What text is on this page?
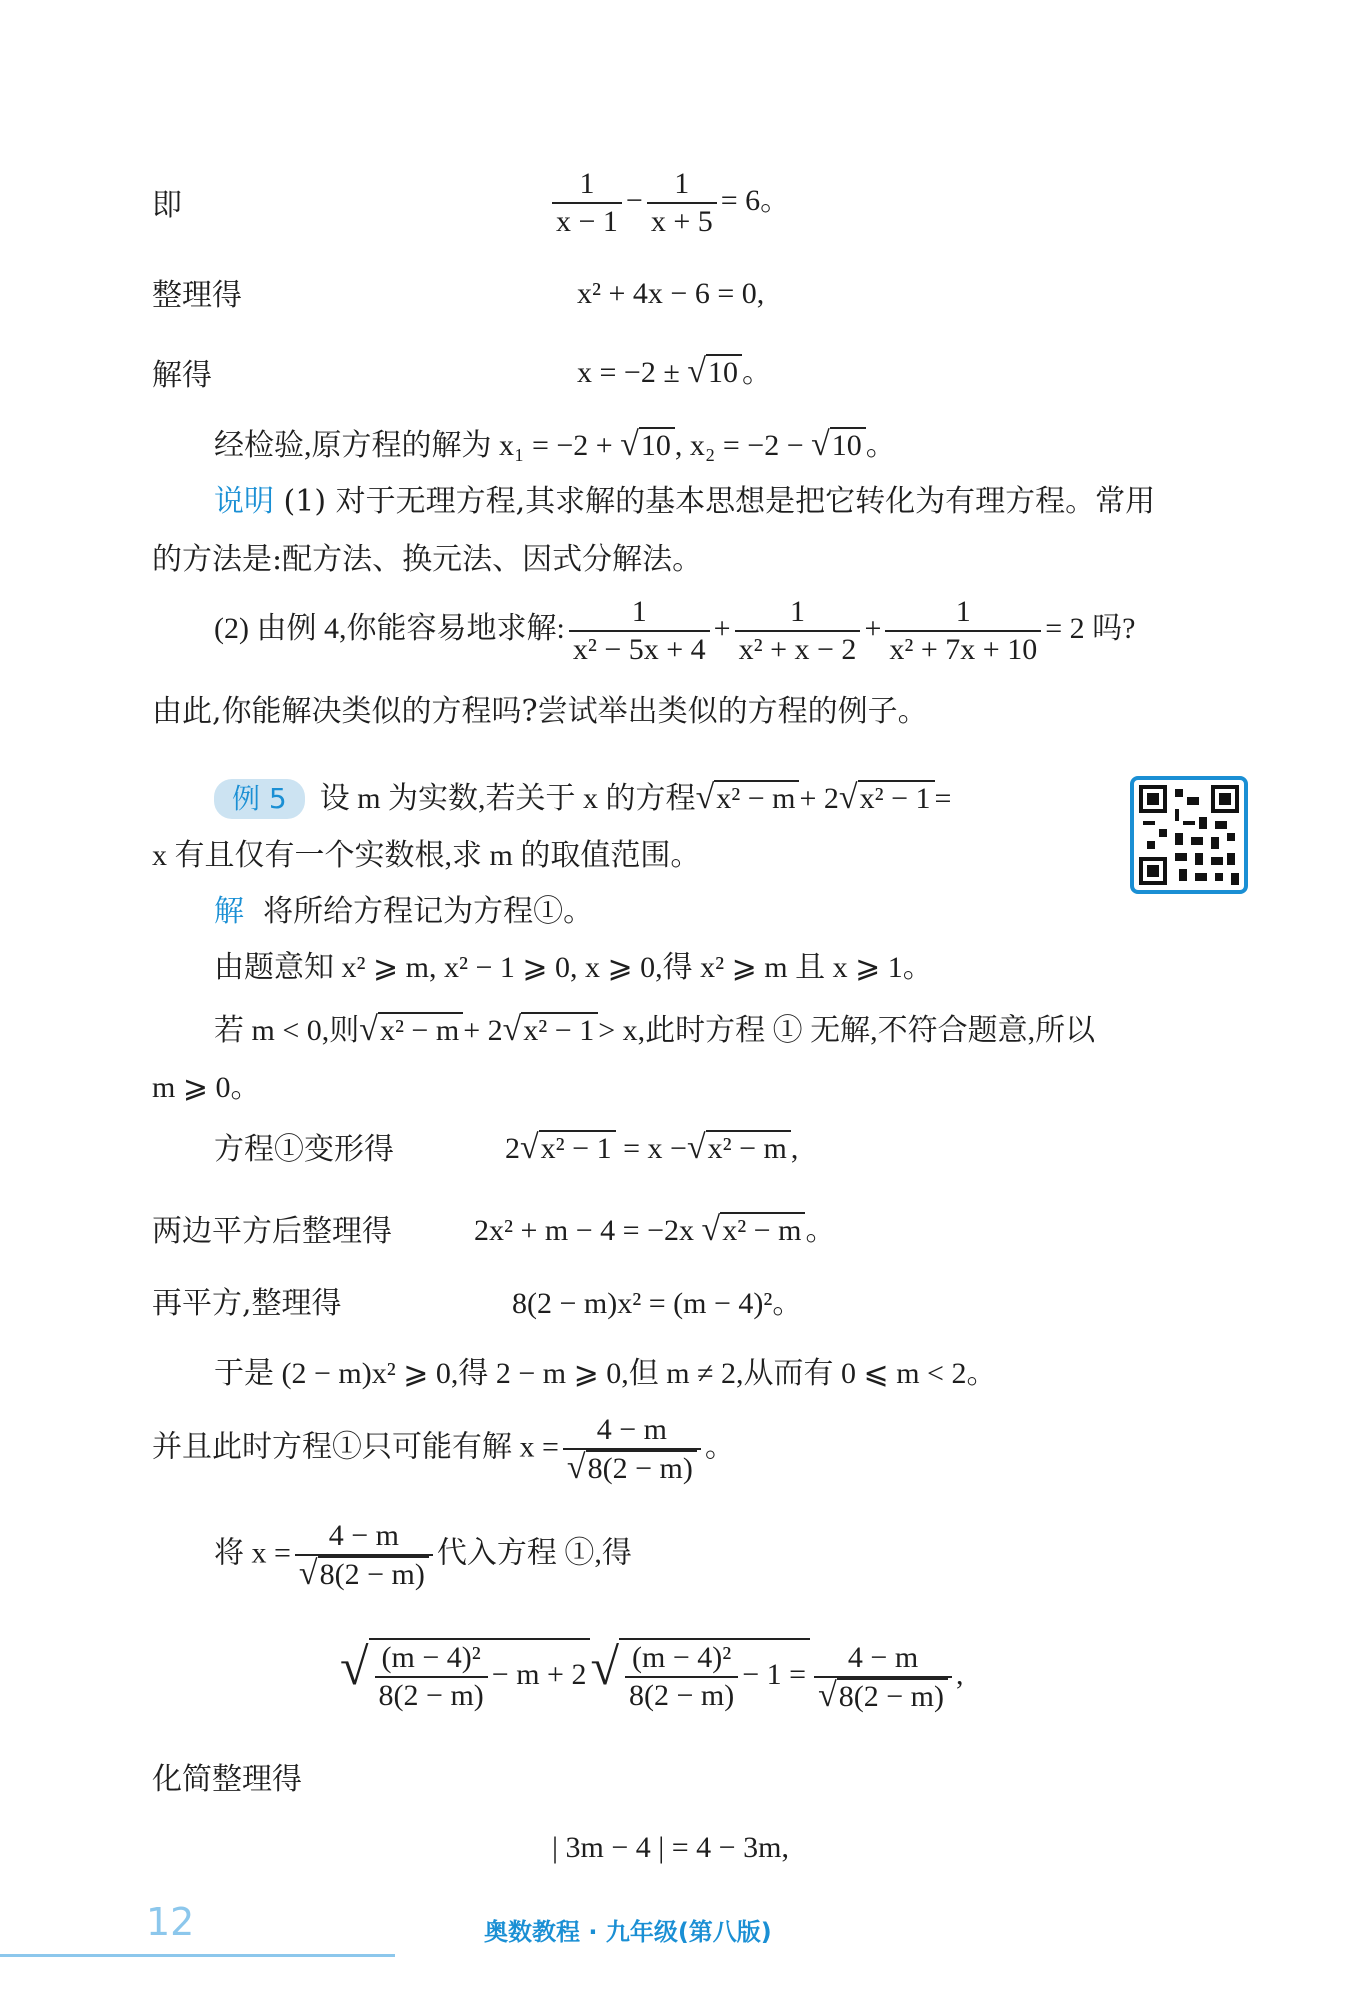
即	$\frac{1}{x - 1} - \frac{1}{x + 5} = 6$。
整理得	x² + 4x − 6 = 0,
解得	x = −2 ± √10 。
经检验,原方程的解为 x₁ = −2 + √10 , x₂ = −2 − √10 。
说明 (1) 对于无理方程,其求解的基本思想是把它转化为有理方程。常用
的方法是:配方法、换元法、因式分解法。
(2) 由例 4,你能容易地求解: $\frac{1}{\text{x² − 5x + 4}} + \frac{1}{\text{x² + x − 2}} + \frac{1}{\text{x² + 7x + 10}} = 2$ 吗?
由此,你能解决类似的方程吗?尝试举出类似的方程的例子。
例 5 设 m 为实数,若关于 x 的方程√x² − m + 2√x² − 1 =
x 有且仅有一个实数根,求 m 的取值范围。
解 将所给方程记为方程①。
由题意知 x² ⩾ m, x² − 1 ⩾ 0, x ⩾ 0,得 x² ⩾ m 且 x ⩾ 1。
若 m < 0,则√x² − m + 2√x² − 1 > x,此时方程 ① 无解,不符合题意,所以
m ⩾ 0。
方程①变形得	2√x² − 1 = x −√x² − m ,
两边平方后整理得	2x² + m − 4 = −2x √x² − m 。
再平方,整理得	8(2 − m)x² = (m − 4)²。
于是 (2 − m)x² ⩾ 0,得 2 − m ⩾ 0,但 m ≠ 2,从而有 0 ⩽ m < 2。
并且此时方程①只可能有解 $x = \frac{4 - m}{√8(2 - m)}$ 。
将 $x = \frac{4 - m}{√8(2 - m)}$ 代入方程 ①,得
√ $\frac{\text{(m − 4)²}}{8(2 - m)} - m + 2√ \frac{\text{(m − 4)²}}{8(2 - m)} - 1 = \frac{4 - m}{√8(2 - m)}$ ,
化简整理得
| 3m − 4 | = 4 − 3m,
12	奥数教程 · 九年级(第八版)
